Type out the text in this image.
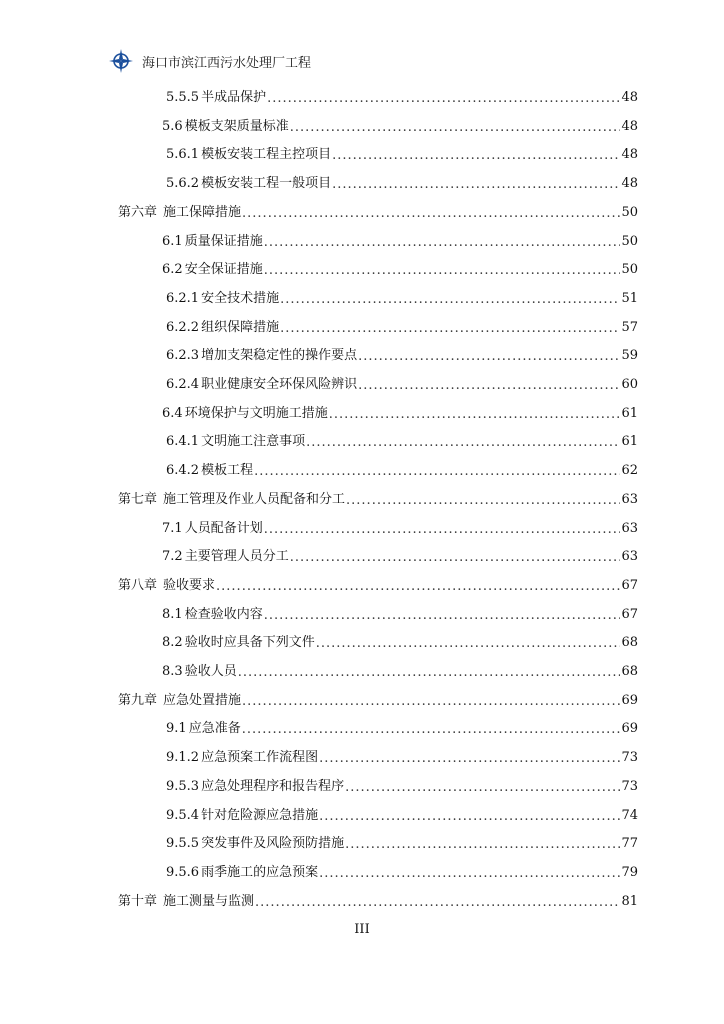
海口市滨江西污水处理厂工程
5.5.5 半成品保护 .....	48
5.6 模板支架质量标准 .....	48
5.6.1 模板安装工程主控项目 .....	48
5.6.2 模板安装工程一般项目 .....	48
第六章 施工保障措施 .....	50
6.1 质量保证措施 .....	50
6.2 安全保证措施 .....	50
6.2.1 安全技术措施 .....	51
6.2.2 组织保障措施 .....	57
6.2.3 增加支架稳定性的操作要点 .....	59
6.2.4 职业健康安全环保风险辨识 .....	60
6.4 环境保护与文明施工措施 .....	61
6.4.1 文明施工注意事项 .....	61
6.4.2 模板工程 .....	62
第七章 施工管理及作业人员配备和分工 .....	63
7.1 人员配备计划 .....	63
7.2 主要管理人员分工 .....	63
第八章 验收要求 .....	67
8.1 检查验收内容 .....	67
8.2 验收时应具备下列文件 .....	68
8.3 验收人员 .....	68
第九章 应急处置措施 .....	69
9.1 应急准备 .....	69
9.1.2 应急预案工作流程图 .....	73
9.5.3 应急处理程序和报告程序 .....	73
9.5.4 针对危险源应急措施 .....	74
9.5.5 突发事件及风险预防措施 .....	77
9.5.6 雨季施工的应急预案 .....	79
第十章 施工测量与监测 .....	81
III
